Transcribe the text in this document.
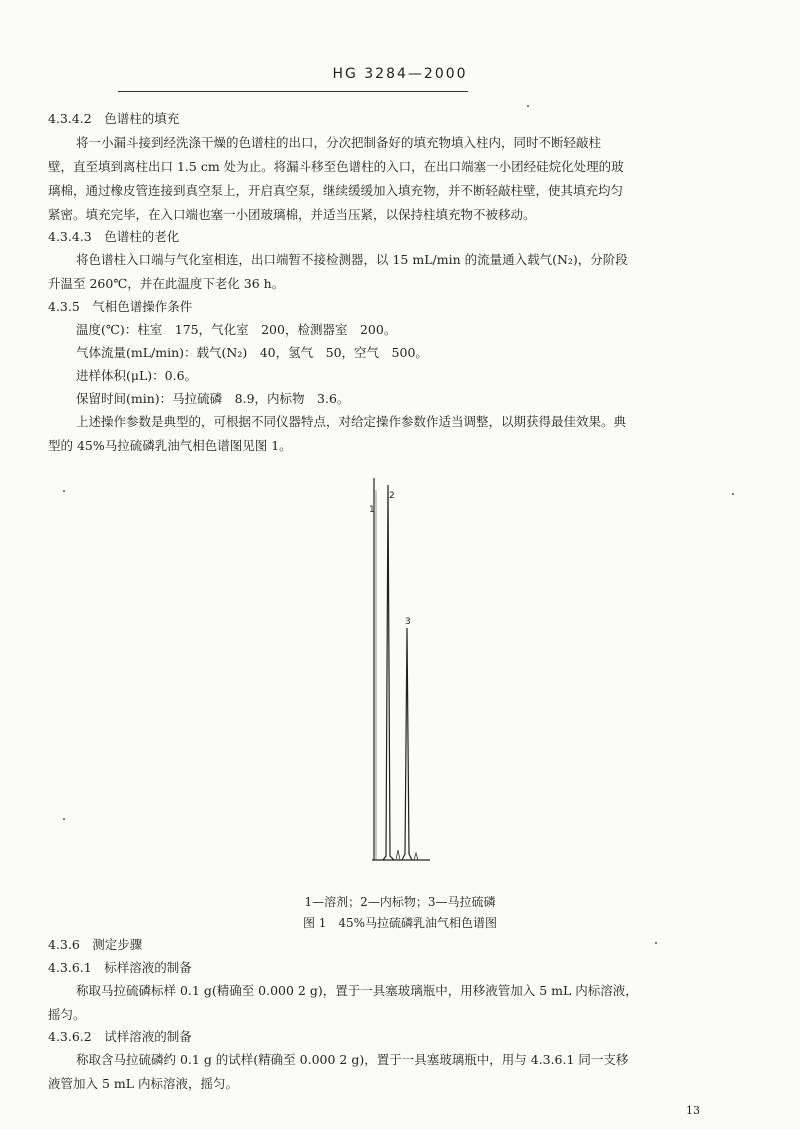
HG 3284—2000
4.3.4.2　色谱柱的填充
将一小漏斗接到经洗涤干燥的色谱柱的出口，分次把制备好的填充物填入柱内，同时不断轻敲柱
壁，直至填到离柱出口 1.5 cm 处为止。将漏斗移至色谱柱的入口，在出口端塞一小团经硅烷化处理的玻
璃棉，通过橡皮管连接到真空泵上，开启真空泵，继续缓缓加入填充物，并不断轻敲柱壁，使其填充均匀
紧密。填充完毕，在入口端也塞一小团玻璃棉，并适当压紧，以保持柱填充物不被移动。
4.3.4.3　色谱柱的老化
将色谱柱入口端与气化室相连，出口端暂不接检测器，以 15 mL/min 的流量通入载气(N₂)，分阶段
升温至 260℃，并在此温度下老化 36 h。
4.3.5　气相色谱操作条件
温度(℃)：柱室　175，气化室　200，检测器室　200。
气体流量(mL/min)：载气(N₂)　40，氢气　50，空气　500。
进样体积(μL)：0.6。
保留时间(min)：马拉硫磷　8.9，内标物　3.6。
上述操作参数是典型的，可根据不同仪器特点，对给定操作参数作适当调整，以期获得最佳效果。典
型的 45%马拉硫磷乳油气相色谱图见图 1。
1
2
3
1—溶剂；2—内标物；3—马拉硫磷
图 1　45%马拉硫磷乳油气相色谱图
4.3.6　测定步骤
4.3.6.1　标样溶液的制备
称取马拉硫磷标样 0.1 g(精确至 0.000 2 g)，置于一具塞玻璃瓶中，用移液管加入 5 mL 内标溶液，
摇匀。
4.3.6.2　试样溶液的制备
称取含马拉硫磷约 0.1 g 的试样(精确至 0.000 2 g)，置于一具塞玻璃瓶中，用与 4.3.6.1 同一支移
液管加入 5 mL 内标溶液，摇匀。
13
